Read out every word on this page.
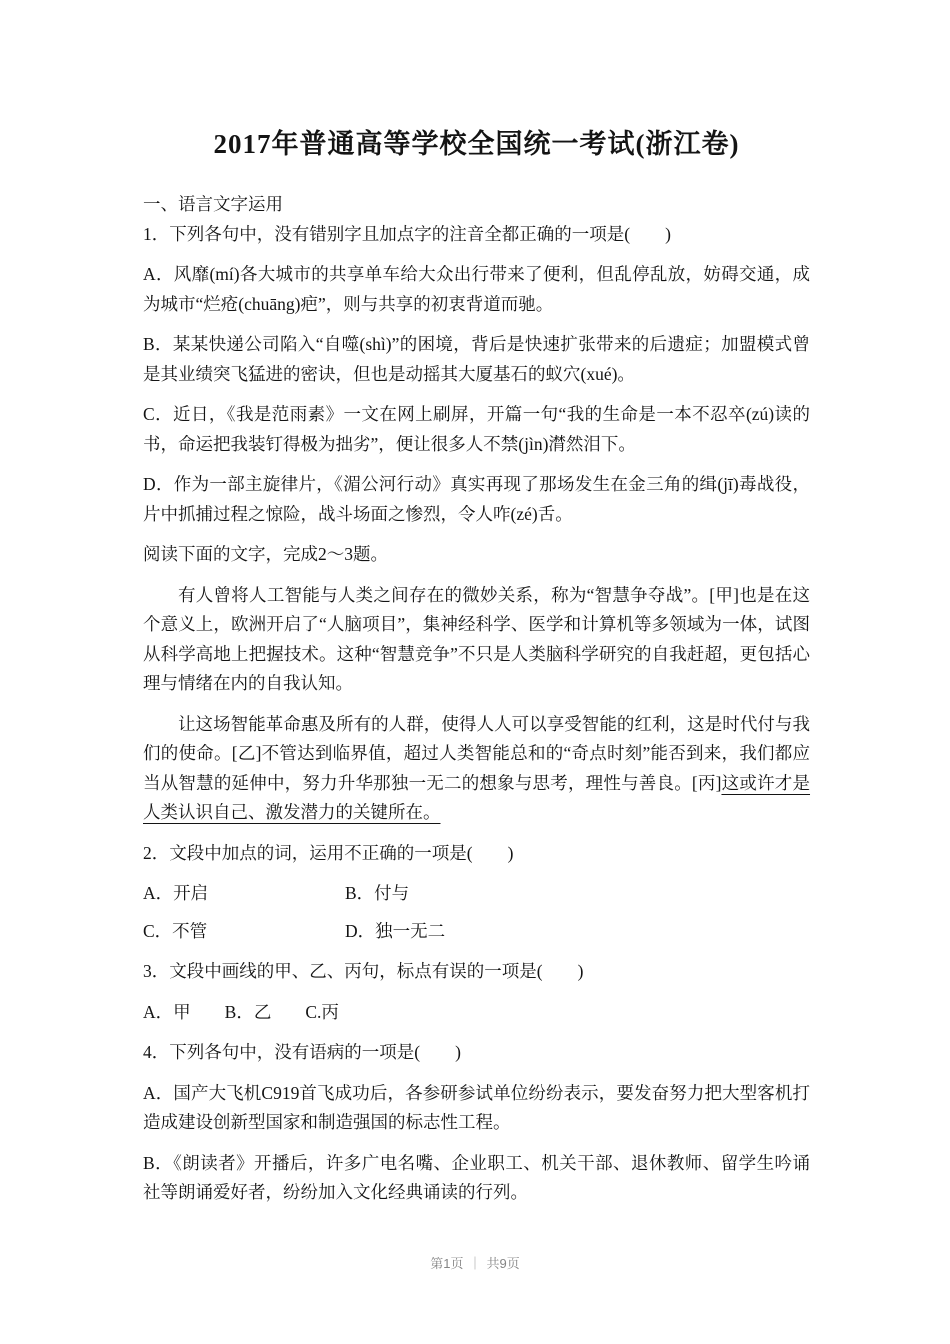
2017年普通高等学校全国统一考试(浙江卷)

一、语言文字运用

1．下列各句中，没有错别字且加点字的注音全都正确的一项是(　　)

A．风靡(mí)各大城市的共享单车给大众出行带来了便利，但乱停乱放，妨碍交通，成为城市“烂疮(chuāng)疤”，则与共享的初衷背道而驰。

B．某某快递公司陷入“自噬(shì)”的困境，背后是快速扩张带来的后遗症；加盟模式曾是其业绩突飞猛进的密诀，但也是动摇其大厦基石的蚁穴(xué)。

C．近日，《我是范雨素》一文在网上刷屏，开篇一句“我的生命是一本不忍卒(zú)读的书，命运把我装钉得极为拙劣”，便让很多人不禁(jìn)潸然泪下。

D．作为一部主旋律片，《湄公河行动》真实再现了那场发生在金三角的缉(jī)毒战役，片中抓捕过程之惊险，战斗场面之惨烈，令人咋(zé)舌。

阅读下面的文字，完成2～3题。

有人曾将人工智能与人类之间存在的微妙关系，称为“智慧争夺战”。[甲]也是在这个意义上，欧洲开启了“人脑项目”，集神经科学、医学和计算机等多领域为一体，试图从科学高地上把握技术。这种“智慧竞争”不只是人类脑科学研究的自我赶超，更包括心理与情绪在内的自我认知。

让这场智能革命惠及所有的人群，使得人人可以享受智能的红利，这是时代付与我们的使命。[乙]不管达到临界值，超过人类智能总和的“奇点时刻”能否到来，我们都应当从智慧的延伸中，努力升华那独一无二的想象与思考，理性与善良。[丙]这或许才是人类认识自己、激发潜力的关键所在。

2．文段中加点的词，运用不正确的一项是(　　)

A．开启	B．付与
C．不管	D．独一无二

3．文段中画线的甲、乙、丙句，标点有误的一项是(　　)

A．甲 B．乙 C.丙

4．下列各句中，没有语病的一项是(　　)

A．国产大飞机C919首飞成功后，各参研参试单位纷纷表示，要发奋努力把大型客机打造成建设创新型国家和制造强国的标志性工程。

B．《朗读者》开播后，许多广电名嘴、企业职工、机关干部、退休教师、留学生吟诵社等朗诵爱好者，纷纷加入文化经典诵读的行列。

第1页 ｜ 共9页
